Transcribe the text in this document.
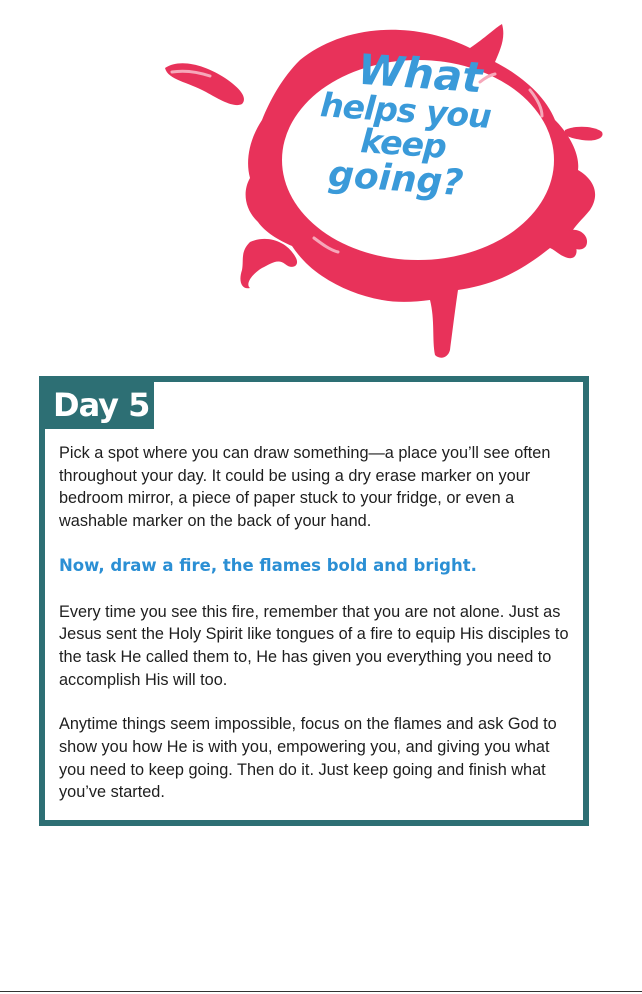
What
helps you keep
going?
Day 5

Pick a spot where you can draw something—a place you’ll see often throughout your day. It could be using a dry erase marker on your bedroom mirror, a piece of paper stuck to your fridge, or even a washable marker on the back of your hand.

Now, draw a fire, the flames bold and bright.

Every time you see this fire, remember that you are not alone. Just as Jesus sent the Holy Spirit like tongues of a fire to equip His disciples to the task He called them to, He has given you everything you need to accomplish His will too.

Anytime things seem impossible, focus on the flames and ask God to show you how He is with you, empowering you, and giving you what you need to keep going. Then do it. Just keep going and finish what you’ve started.
